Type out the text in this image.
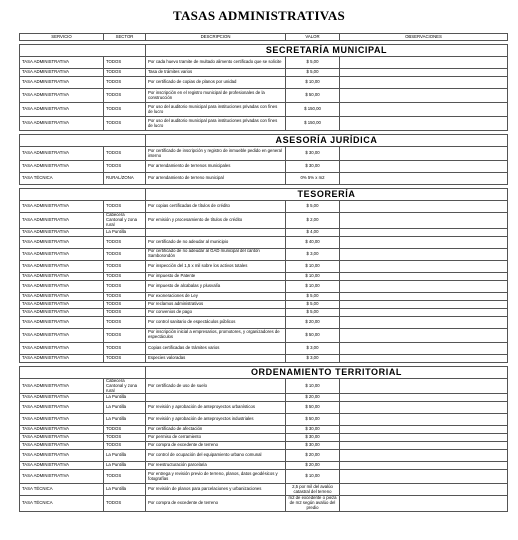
TASAS ADMINISTRATIVAS
SERVICIO	SECTOR	DESCRIPCION	VALOR	OBSERVACIONES

		SECRETARÍA MUNICIPAL		
TASA ADMINISTRATIVA	TODOS	Por cada huevo tramite de multado alimento certificado que se solicite	$ 5,00	
TASA ADMINISTRATIVA	TODOS	Tasa de trámites varios	$ 5,00	
TASA ADMINISTRATIVA	TODOS	Por certificado de copias de planos por unidad	$ 10,00	
TASA ADMINISTRATIVA	TODOS	Por inscripción en el registro municipal de profesionales de la construcción	$ 50,00	
TASA ADMINISTRATIVA	TODOS	Por uso del auditorio municipal para instituciones privadas con fines de lucro	$ 150,00	
TASA ADMINISTRATIVA	TODOS	Por uso del auditorio municipal para instituciones privadas con fines de lucro	$ 150,00	

		ASESORÍA JURÍDICA		
TASA ADMINISTRATIVA	TODOS	Por certificado de inscripción y registro de inmueble pedido en general interno	$ 30,00	
TASA ADMINISTRATIVA	TODOS	Por arrendamiento de terrenos municipales	$ 30,00	
TASA TÉCNICA	RURAL/ZONA	Por arrendamiento de terreno municipal	0% 5% x m2	

		TESORERÍA		
TASA ADMINISTRATIVA	TODOS	Por copias certificadas de títulos de crédito	$ 5,00	
TASA ADMINISTRATIVA	Cabecera Cantonal y zona rural	Por emisión y procesamiento de títulos de crédito	$ 2,00	
TASA ADMINISTRATIVA	La Puntilla		$ 4,00	
TASA ADMINISTRATIVA	TODOS	Por certificado de no adeudar al municipio	$ 40,00	
TASA ADMINISTRATIVA	TODOS	Por certificado de no adeudar al GAD municipal del cantón Samborondón	$ 3,00	
TASA ADMINISTRATIVA	TODOS	Por inspección del 1,5 x mil sobre los activos totales	$ 10,00	
TASA ADMINISTRATIVA	TODOS	Por impuesto de Patente	$ 10,00	
TASA ADMINISTRATIVA	TODOS	Por impuesto de alcabalas y plusvalía	$ 10,00	
TASA ADMINISTRATIVA	TODOS	Por exoneraciones de Ley	$ 5,00	
TASA ADMINISTRATIVA	TODOS	Por reclamos administrativos	$ 5,00	
TASA ADMINISTRATIVA	TODOS	Por convenios de pago	$ 5,00	
TASA ADMINISTRATIVA	TODOS	Por control sanitario de espectáculos públicos	$ 20,00	
TASA ADMINISTRATIVA	TODOS	Por inscripción inicial a empresarios, promotores, y organizadores de espectáculos	$ 50,00	
TASA ADMINISTRATIVA	TODOS	Copias certificadas de trámites varios	$ 3,00	
TASA ADMINISTRATIVA	TODOS	Especies valoradas	$ 3,00	

		ORDENAMIENTO TERRITORIAL		
TASA ADMINISTRATIVA	Cabecera Cantonal y zona rural	Por certificado de uso de suelo	$ 10,00	
TASA ADMINISTRATIVA	La Puntilla		$ 20,00	
TASA ADMINISTRATIVA	La Puntilla	Por revisión y aprobación de anteproyectos urbanísticos	$ 50,00	
TASA ADMINISTRATIVA	La Puntilla	Por revisión y aprobación de anteproyectos industriales	$ 50,00	
TASA ADMINISTRATIVA	TODOS	Por certificado de afectación	$ 30,00	
TASA ADMINISTRATIVA	TODOS	Por permiso de cerramiento	$ 30,00	
TASA ADMINISTRATIVA	TODOS	Por compra de excedente de terreno	$ 30,00	
TASA ADMINISTRATIVA	La Puntilla	Por control de ocupación del equipamiento urbano comunal	$ 20,00	
TASA ADMINISTRATIVA	La Puntilla	Por reestructuración parcelaria	$ 20,00	
TASA ADMINISTRATIVA	TODOS	Por entrega y revisión previo de terreno, planos, datos geodésicos y fotografías	$ 10,00	
TASA TÉCNICA	La Puntilla	Por revisión de planos para parcelaciones y urbanizaciones	2,5 por mil del avalúo catastral del terreno	
TASA TÉCNICA	TODOS	Por compra de excedente de terreno	m2 de excedente o pieza de m2 según avalúo del predio	
